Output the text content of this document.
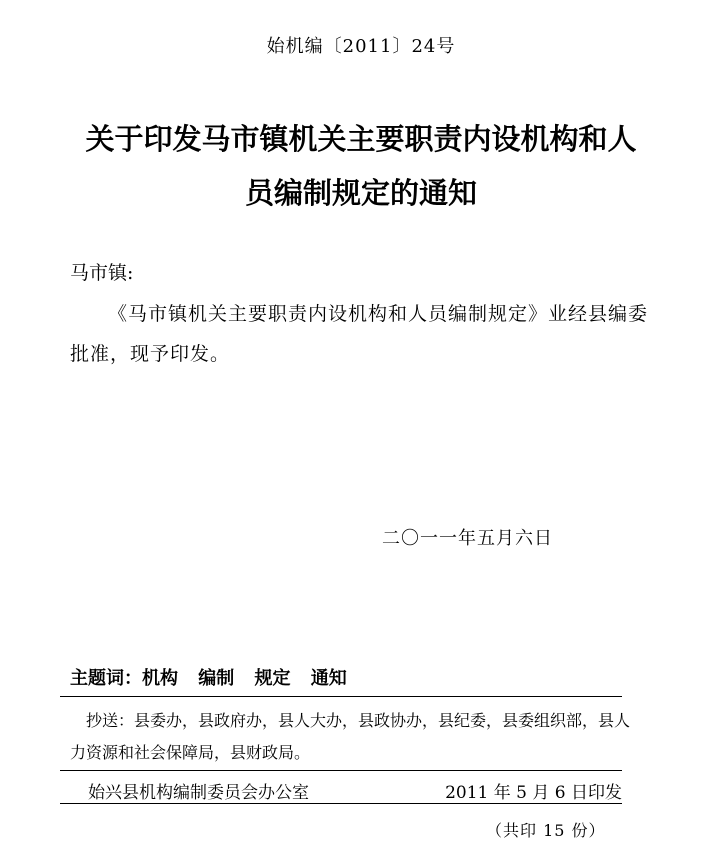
始机编〔2011〕24号
关于印发马市镇机关主要职责内设机构和人
员编制规定的通知
马市镇:
《马市镇机关主要职责内设机构和人员编制规定》业经县编委批准，现予印发。
二〇一一年五月六日
主题词：机构 编制 规定 通知
抄送：县委办，县政府办，县人大办，县政协办，县纪委，县委组织部，县人力资源和社会保障局，县财政局。
始兴县机构编制委员会办公室	2011 年 5 月 6 日印发
（共印 15 份）
